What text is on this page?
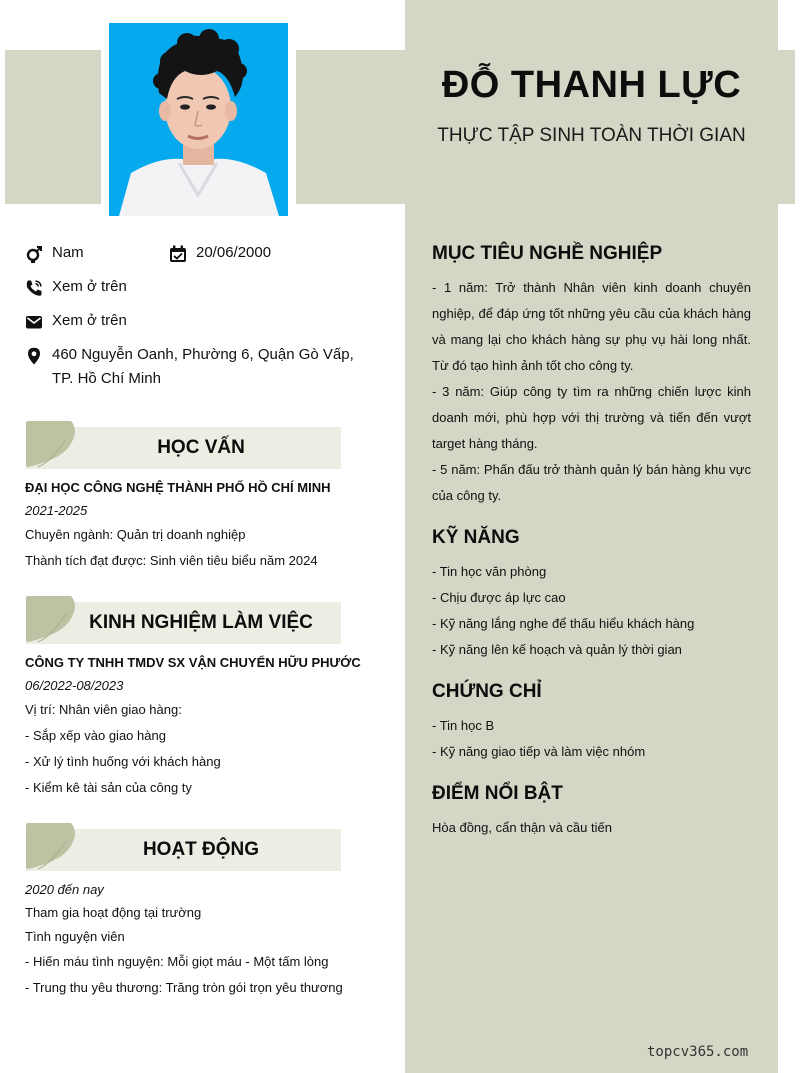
ĐỖ THANH LỰC
THỰC TẬP SINH TOÀN THỜI GIAN
Nam	20/06/2000
Xem ở trên
Xem ở trên
460 Nguyễn Oanh, Phường 6, Quận Gò Vấp,
TP. Hồ Chí Minh
HỌC VẤN
ĐẠI HỌC CÔNG NGHỆ THÀNH PHỐ HỒ CHÍ MINH
2021-2025
Chuyên ngành: Quản trị doanh nghiệp
Thành tích đạt được: Sinh viên tiêu biểu năm 2024
KINH NGHIỆM LÀM VIỆC
CÔNG TY TNHH TMDV SX VẬN CHUYỂN HỮU PHƯỚC
06/2022-08/2023
Vị trí: Nhân viên giao hàng:
- Sắp xếp vào giao hàng
- Xử lý tình huống với khách hàng
- Kiểm kê tài sản của công ty
HOẠT ĐỘNG
2020 đến nay
Tham gia hoạt động tại trường
Tình nguyện viên
- Hiến máu tình nguyện: Mỗi giọt máu - Một tấm lòng
- Trung thu yêu thương: Trăng tròn gói trọn yêu thương
MỤC TIÊU NGHỀ NGHIỆP
- 1 năm: Trở thành Nhân viên kinh doanh chuyên nghiệp, để đáp ứng tốt những yêu cầu của khách hàng và mang lại cho khách hàng sự phụ vụ hài long nhất. Từ đó tạo hình ảnh tốt cho công ty.
- 3 năm: Giúp công ty tìm ra những chiến lược kinh doanh mới, phù hợp với thị trường và tiến đến vượt target hàng tháng.
- 5 năm: Phấn đấu trở thành quản lý bán hàng khu vực của công ty.
KỸ NĂNG
- Tin học văn phòng
- Chịu được áp lực cao
- Kỹ năng lắng nghe để thấu hiểu khách hàng
- Kỹ năng lên kế hoạch và quản lý thời gian
CHỨNG CHỈ
- Tin học B
- Kỹ năng giao tiếp và làm việc nhóm
ĐIỂM NỔI BẬT
Hòa đồng, cẩn thận và cầu tiến
topcv365.com
